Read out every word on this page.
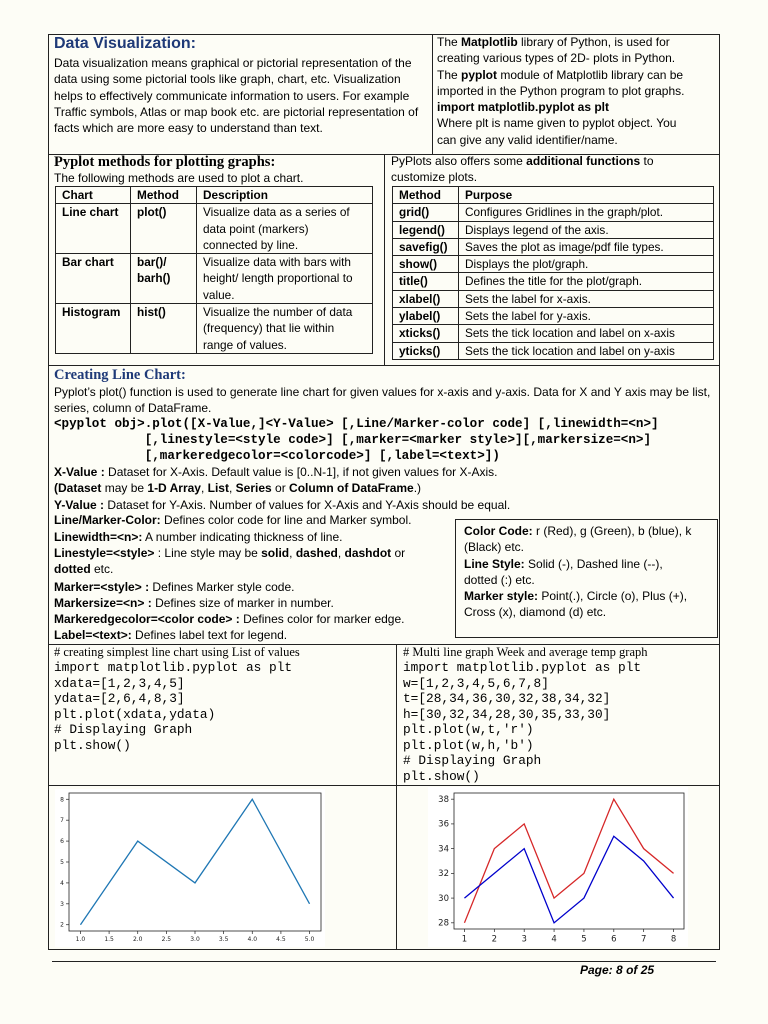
Data Visualization:
Data visualization means graphical or pictorial representation of the data using some pictorial tools like graph, chart, etc. Visualization helps to effectively communicate information to users. For example Traffic symbols, Atlas or map book etc. are pictorial representation of facts which are more easy to understand than text.
The Matplotlib library of Python, is used for
creating various types of 2D- plots in Python.
The pyplot module of Matplotlib library can be
imported in the Python program to plot graphs.
import matplotlib.pyplot as plt
Where plt is name given to pyplot object. You
can give any valid identifier/name.
Pyplot methods for plotting graphs:
The following methods are used to plot a chart.
Chart	Method	Description
Line chart	plot()	Visualize data as a series of data point (markers) connected by line.
Bar chart	bar()/ barh()	Visualize data with bars with height/ length proportional to value.
Histogram	hist()	Visualize the number of data (frequency) that lie within range of values.
PyPlots also offers some additional functions to
customize plots.
Method	Purpose
grid()	Configures Gridlines in the graph/plot.
legend()	Displays legend of the axis.
savefig()	Saves the plot as image/pdf file types.
show()	Displays the plot/graph.
title()	Defines the title for the plot/graph.
xlabel()	Sets the label for x-axis.
ylabel()	Sets the label for y-axis.
xticks()	Sets the tick location and label on x-axis
yticks()	Sets the tick location and label on y-axis
Creating Line Chart:
Pyplot’s plot() function is used to generate line chart for given values for x-axis and y-axis. Data for X and Y axis may be list, series, column of DataFrame.
<pyplot obj>.plot([X-Value,]<Y-Value> [,Line/Marker-color code] [,linewidth=<n>]
[,linestyle=<style code>] [,marker=<marker style>][,markersize=<n>]
[,markeredgecolor=<colorcode>] [,label=<text>])
X-Value : Dataset for X-Axis. Default value is [0..N-1], if not given values for X-Axis.
(Dataset may be 1-D Array, List, Series or Column of DataFrame.)
Y-Value : Dataset for Y-Axis. Number of values for X-Axis and Y-Axis should be equal.
Line/Marker-Color: Defines color code for line and Marker symbol.
Linewidth=<n>: A number indicating thickness of line.
Linestyle=<style> : Line style may be solid, dashed, dashdot or
dotted etc.
Marker=<style> : Defines Marker style code.
Markersize=<n> : Defines size of marker in number.
Markeredgecolor=<color code> : Defines color for marker edge.
Label=<text>: Defines label text for legend.
Color Code: r (Red), g (Green), b (blue), k
(Black) etc.
Line Style: Solid (-), Dashed line (--),
dotted (:) etc.
Marker style: Point(.), Circle (o), Plus (+),
Cross (x), diamond (d) etc.
# creating simplest line chart using List of values
import matplotlib.pyplot as plt
xdata=[1,2,3,4,5]
ydata=[2,6,4,8,3]
plt.plot(xdata,ydata)
# Displaying Graph
plt.show()
# Multi line graph Week and average temp graph
import matplotlib.pyplot as plt
w=[1,2,3,4,5,6,7,8]
t=[28,34,36,30,32,38,34,32]
h=[30,32,34,28,30,35,33,30]
plt.plot(w,t,'r')
plt.plot(w,h,'b')
# Displaying Graph
plt.show()
1.0	1.5	2.0	2.5	3.0	3.5	4.0	4.5	5.0
2
3
4
5
6
7
8
1	2	3	4	5	6	7	8
28
30
32
34
36
38
Page: 8 of 25
